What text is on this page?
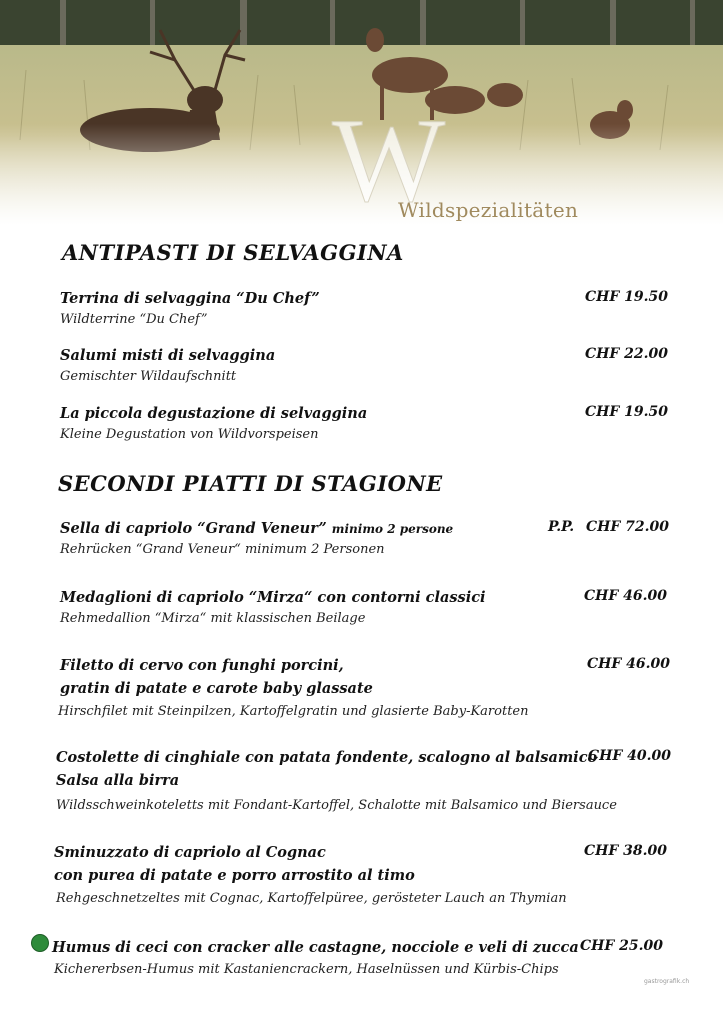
W
Wildspezialitäten
ANTIPASTI DI SELVAGGINA
Terrina di selvaggina “Du Chef”	CHF 19.50
Wildterrine “Du Chef”
Salumi misti di selvaggina	CHF 22.00
Gemischter Wildaufschnitt
La piccola degustazione di selvaggina	CHF 19.50
Kleine Degustation von Wildvorspeisen
SECONDI PIATTI DI STAGIONE
Sella di capriolo “Grand Veneur” minimo 2 persone	P.P. CHF 72.00
Rehrücken “Grand Veneur“ minimum 2 Personen
Medaglioni di capriolo “Mirza“ con contorni classici	CHF 46.00
Rehmedallion “Mirza“ mit klassischen Beilage
Filetto di cervo con funghi porcini,
gratin di patate e carote baby glassate
CHF 46.00
Hirschfilet mit Steinpilzen, Kartoffelgratin und glasierte Baby-Karotten
Costolette di cinghiale con patata fondente, scalogno al balsamico
Salsa alla birra
CHF 40.00
Wildsschweinkoteletts mit Fondant-Kartoffel, Schalotte mit Balsamico und Biersauce
Sminuzzato di capriolo al Cognac
con purea di patate e porro arrostito al timo
CHF 38.00
Rehgeschnetzeltes mit Cognac, Kartoffelpüree, gerösteter Lauch an Thymian
Humus di ceci con cracker alle castagne, nocciole e veli di zucca CHF 25.00
Kichererbsen-Humus mit Kastaniencrackern, Haselnüssen und Kürbis-Chips
gastrografik.ch
